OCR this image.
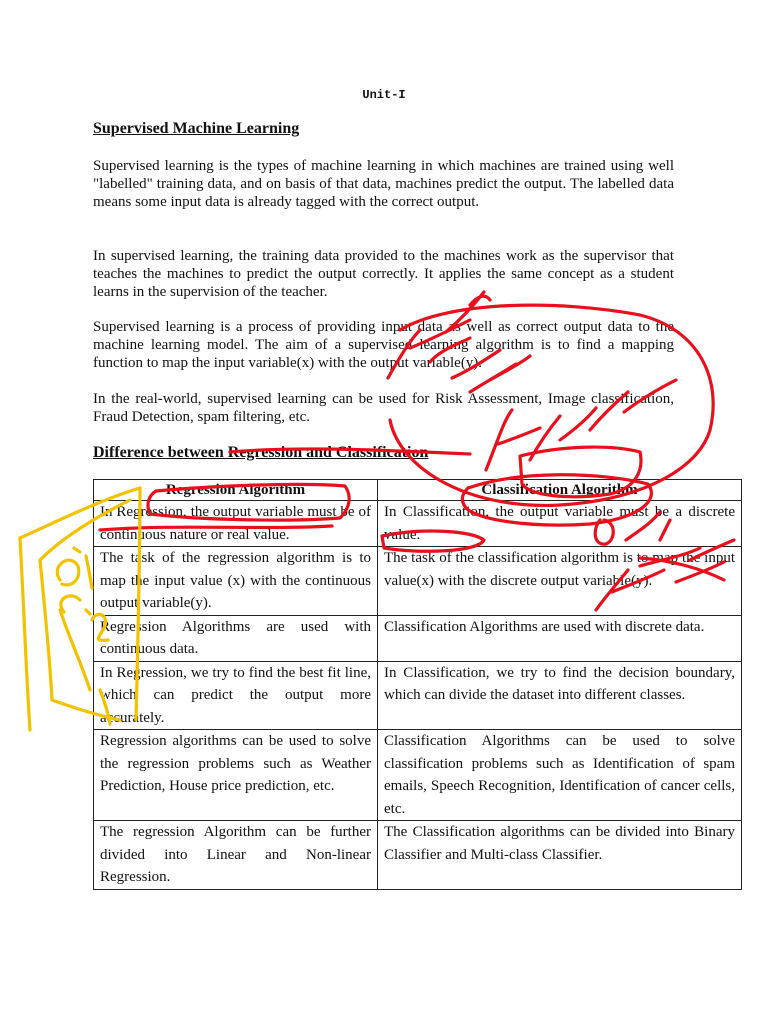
Unit-I
Supervised Machine Learning

Supervised learning is the types of machine learning in which machines are trained using well "labelled" training data, and on basis of that data, machines predict the output. The labelled data means some input data is already tagged with the correct output.

In supervised learning, the training data provided to the machines work as the supervisor that teaches the machines to predict the output correctly. It applies the same concept as a student learns in the supervision of the teacher.

Supervised learning is a process of providing input data as well as correct output data to the machine learning model. The aim of a supervised learning algorithm is to find a mapping function to map the input variable(x) with the output variable(y).

In the real-world, supervised learning can be used for Risk Assessment, Image classification, Fraud Detection, spam filtering, etc.

Difference between Regression and Classification
Regression Algorithm	Classification Algorithm
In Regression, the output variable must be of continuous nature or real value.	In Classification, the output variable must be a discrete value.
The task of the regression algorithm is to map the input value (x) with the continuous output variable(y).	The task of the classification algorithm is to map the input value(x) with the discrete output variable(y).
Regression Algorithms are used with continuous data.	Classification Algorithms are used with discrete data.
In Regression, we try to find the best fit line, which can predict the output more accurately.	In Classification, we try to find the decision boundary, which can divide the dataset into different classes.
Regression algorithms can be used to solve the regression problems such as Weather Prediction, House price prediction, etc.	Classification Algorithms can be used to solve classification problems such as Identification of spam emails, Speech Recognition, Identification of cancer cells, etc.
The regression Algorithm can be further divided into Linear and Non-linear Regression.	The Classification algorithms can be divided into Binary Classifier and Multi-class Classifier.
